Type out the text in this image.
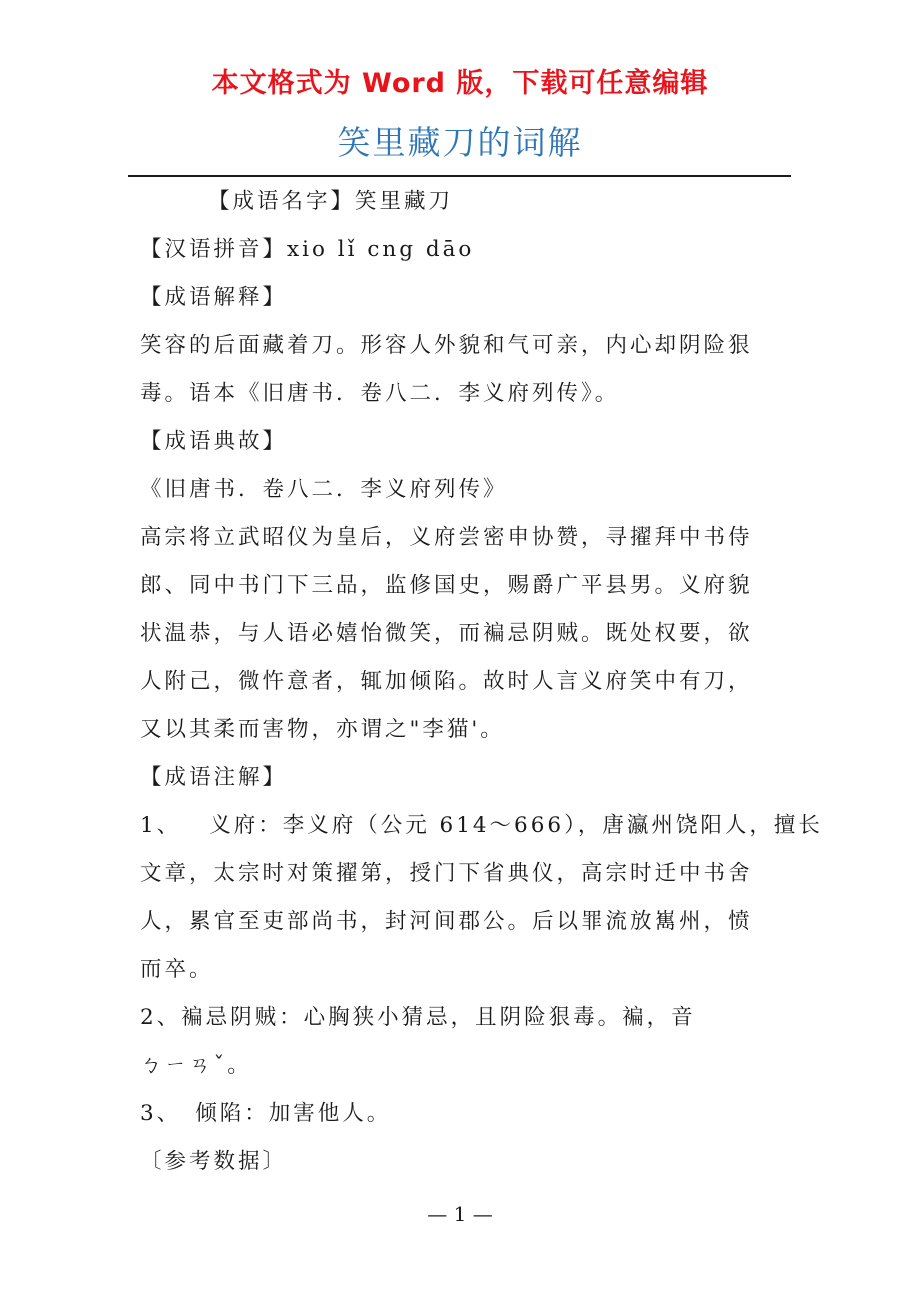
本文格式为 Word 版，下载可任意编辑
笑里藏刀的词解
【成语名字】笑里藏刀
【汉语拼音】xio lǐ cng dāo
【成语解释】
笑容的后面藏着刀。形容人外貌和气可亲，内心却阴险狠
毒。语本《旧唐书．卷八二．李义府列传》。
【成语典故】
《旧唐书．卷八二．李义府列传》
高宗将立武昭仪为皇后，义府尝密申协赞，寻擢拜中书侍
郎、同中书门下三品，监修国史，赐爵广平县男。义府貌
状温恭，与人语必嬉怡微笑，而褊忌阴贼。既处权要，欲
人附己，微忤意者，辄加倾陷。故时人言义府笑中有刀，
又以其柔而害物，亦谓之"李猫'。
【成语注解】
1、 义府：李义府（公元 614～666），唐瀛州饶阳人，擅长
文章，太宗时对策擢第，授门下省典仪，高宗时迁中书舍
人，累官至吏部尚书，封河间郡公。后以罪流放嶲州，愤
而卒。
2、褊忌阴贼：心胸狭小猜忌，且阴险狠毒。褊，音
ㄅㄧㄢˇ。
3、 倾陷：加害他人。
〔参考数据〕
— 1 —
